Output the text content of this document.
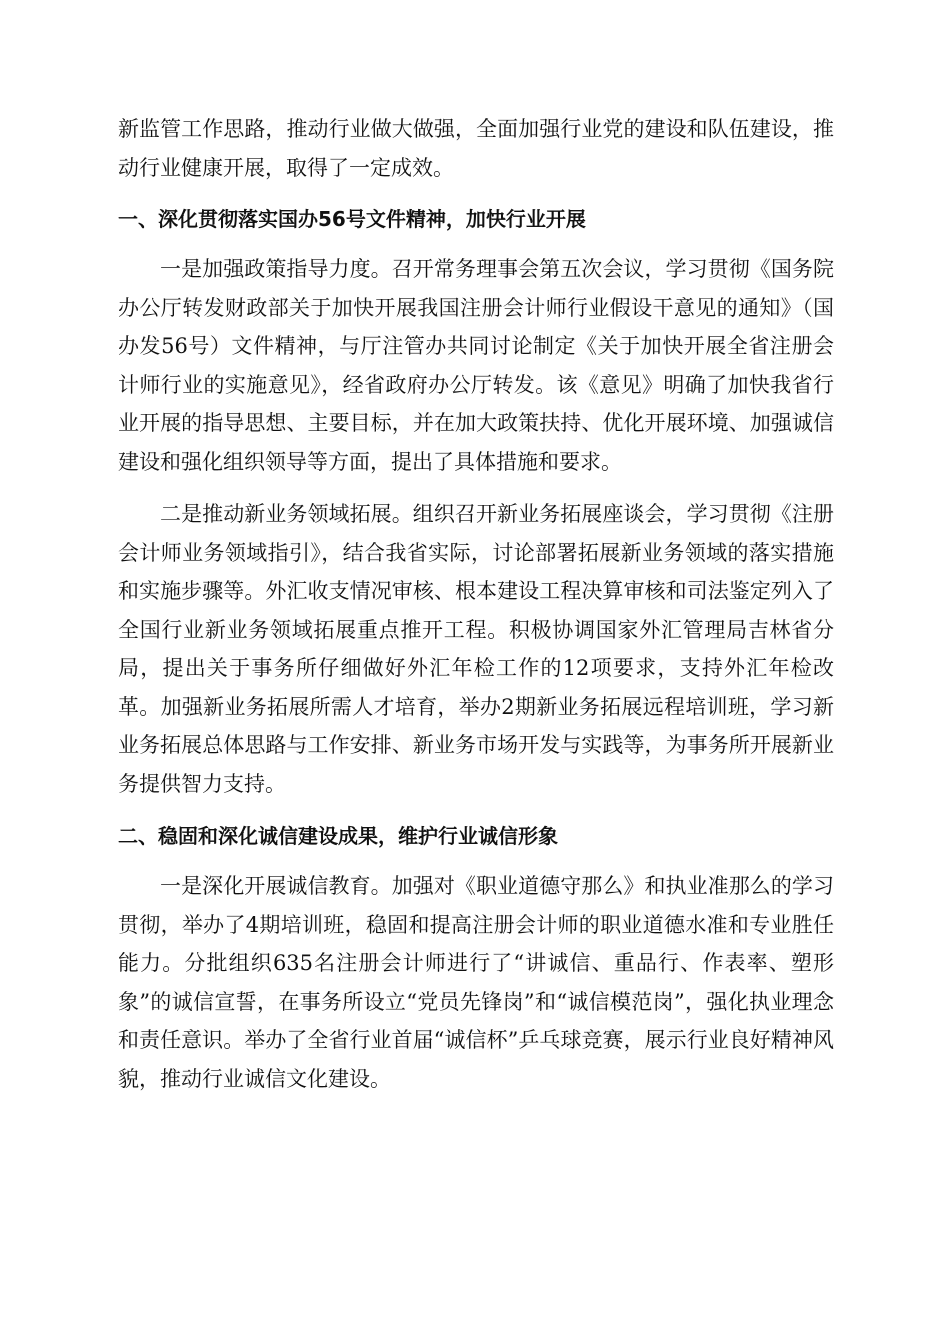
新监管工作思路，推动行业做大做强，全面加强行业党的建设和队伍建设，推动行业健康开展，取得了一定成效。

一、深化贯彻落实国办56号文件精神，加快行业开展

一是加强政策指导力度。召开常务理事会第五次会议，学习贯彻《国务院办公厅转发财政部关于加快开展我国注册会计师行业假设干意见的通知》（国办发56号）文件精神，与厅注管办共同讨论制定《关于加快开展全省注册会计师行业的实施意见》，经省政府办公厅转发。该《意见》明确了加快我省行业开展的指导思想、主要目标，并在加大政策扶持、优化开展环境、加强诚信建设和强化组织领导等方面，提出了具体措施和要求。

二是推动新业务领域拓展。组织召开新业务拓展座谈会，学习贯彻《注册会计师业务领域指引》，结合我省实际，讨论部署拓展新业务领域的落实措施和实施步骤等。外汇收支情况审核、根本建设工程决算审核和司法鉴定列入了全国行业新业务领域拓展重点推开工程。积极协调国家外汇管理局吉林省分局，提出关于事务所仔细做好外汇年检工作的12项要求，支持外汇年检改革。加强新业务拓展所需人才培育，举办2期新业务拓展远程培训班，学习新业务拓展总体思路与工作安排、新业务市场开发与实践等，为事务所开展新业务提供智力支持。

二、稳固和深化诚信建设成果，维护行业诚信形象

一是深化开展诚信教育。加强对《职业道德守那么》和执业准那么的学习贯彻，举办了4期培训班，稳固和提高注册会计师的职业道德水准和专业胜任能力。分批组织635名注册会计师进行了“讲诚信、重品行、作表率、塑形象”的诚信宣誓，在事务所设立“党员先锋岗”和“诚信模范岗”，强化执业理念和责任意识。举办了全省行业首届“诚信杯”乒乓球竞赛，展示行业良好精神风貌，推动行业诚信文化建设。
